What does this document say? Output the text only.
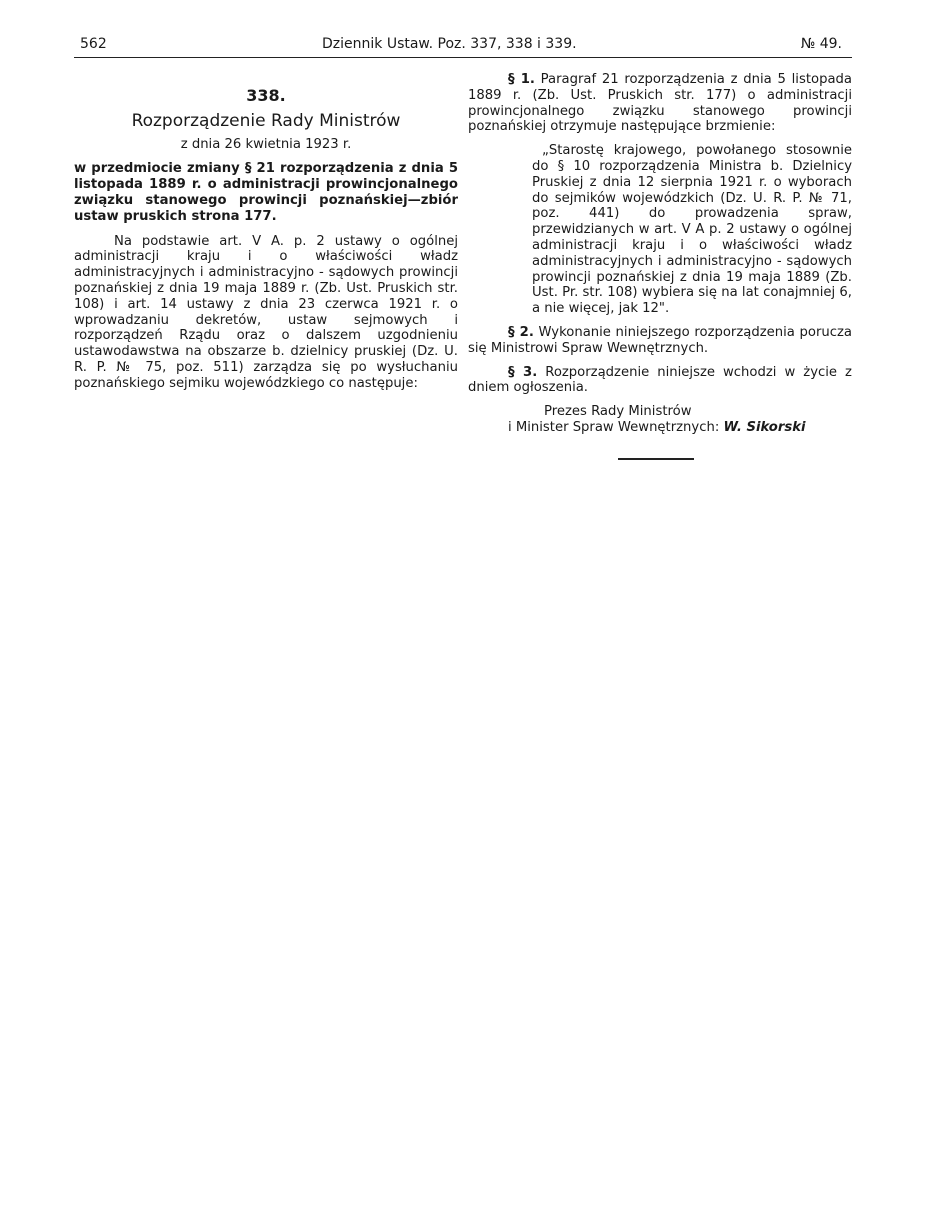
562	Dziennik Ustaw. Poz. 337, 338 i 339.	№ 49.
338.
Rozporządzenie Rady Ministrów
z dnia 26 kwietnia 1923 r.
w przedmiocie zmiany § 21 rozporządzenia z dnia 5 listopada 1889 r. o administracji prowincjonalnego związku stanowego prowincji poznańskiej—zbiór ustaw pruskich strona 177.

Na podstawie art. V A. p. 2 ustawy o ogólnej administracji kraju i o właściwości władz administracyjnych i administracyjno - sądowych prowincji poznańskiej z dnia 19 maja 1889 r. (Zb. Ust. Pruskich str. 108) i art. 14 ustawy z dnia 23 czerwca 1921 r. o wprowadzaniu dekretów, ustaw sejmowych i rozporządzeń Rządu oraz o dalszem uzgodnieniu ustawodawstwa na obszarze b. dzielnicy pruskiej (Dz. U. R. P. № 75, poz. 511) zarządza się po wysłuchaniu poznańskiego sejmiku wojewódzkiego co następuje:

§ 1. Paragraf 21 rozporządzenia z dnia 5 listopada 1889 r. (Zb. Ust. Pruskich str. 177) o administracji prowincjonalnego związku stanowego prowincji poznańskiej otrzymuje następujące brzmienie:

„Starostę krajowego, powołanego stosownie do § 10 rozporządzenia Ministra b. Dzielnicy Pruskiej z dnia 12 sierpnia 1921 r. o wyborach do sejmików wojewódzkich (Dz. U. R. P. № 71, poz. 441) do prowadzenia spraw, przewidzianych w art. V A p. 2 ustawy o ogólnej administracji kraju i o właściwości władz administracyjnych i administracyjno - sądowych prowincji poznańskiej z dnia 19 maja 1889 (Zb. Ust. Pr. str. 108) wybiera się na lat conajmniej 6, a nie więcej, jak 12".

§ 2. Wykonanie niniejszego rozporządzenia porucza się Ministrowi Spraw Wewnętrznych.

§ 3. Rozporządzenie niniejsze wchodzi w życie z dniem ogłoszenia.

Prezes Rady Ministrów
i Minister Spraw Wewnętrznych: W. Sikorski
